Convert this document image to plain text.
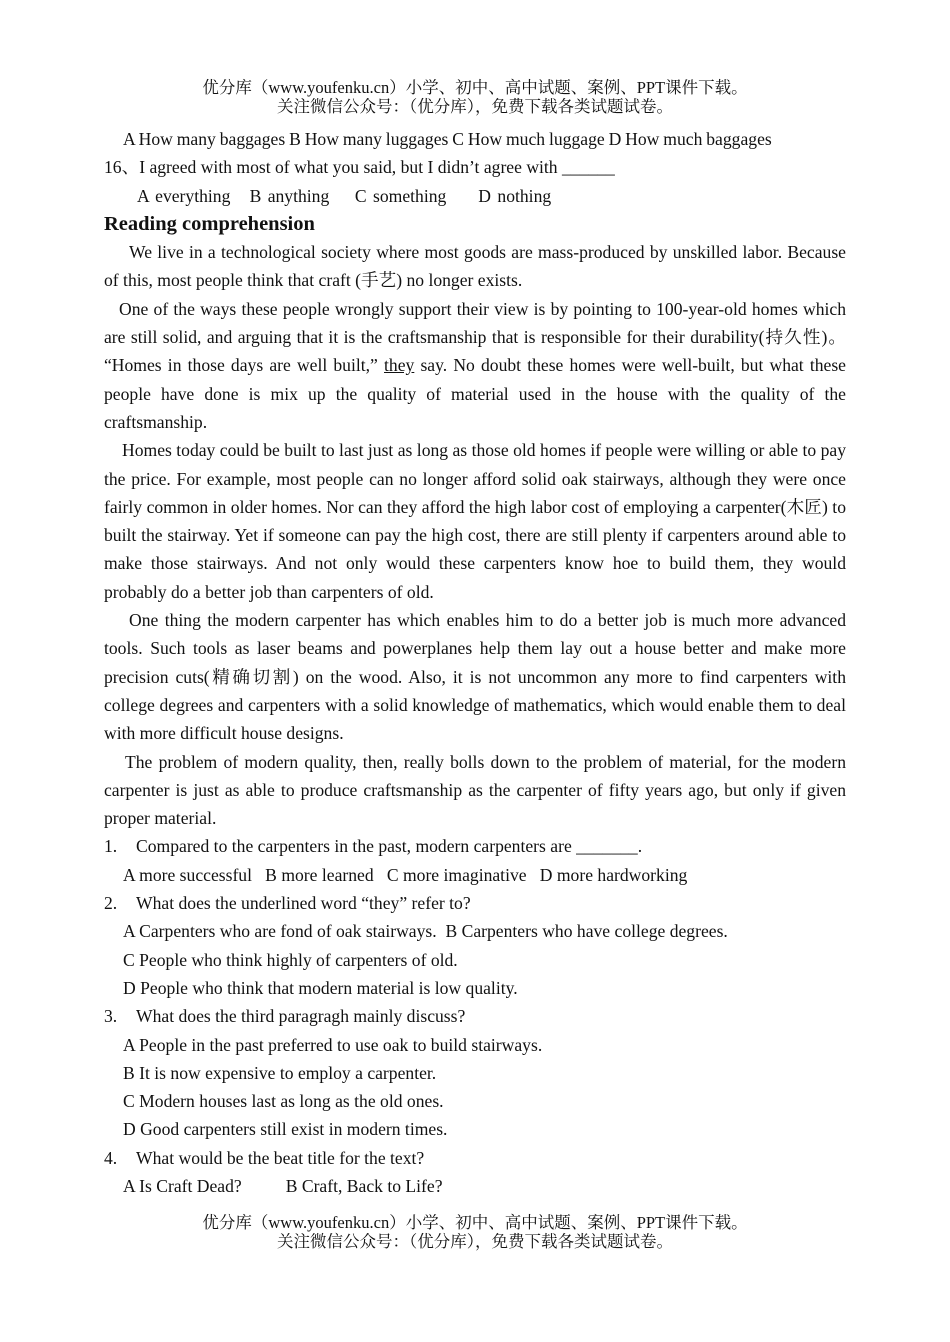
优分库（www.youfenku.cn）小学、初中、高中试题、案例、PPT课件下载。
关注微信公众号：（优分库），免费下载各类试题试卷。
A How many baggages B How many luggages C How much luggage D How much baggages
16、I agreed with most of what you said, but I didn’t agree with ______
A everything   B anything    C something     D nothing
Reading comprehension
We live in a technological society where most goods are mass-produced by unskilled labor. Because of this, most people think that craft (手艺) no longer exists.
One of the ways these people wrongly support their view is by pointing to 100-year-old homes which are still solid, and arguing that it is the craftsmanship that is responsible for their durability(持久性)。 “Homes in those days are well built,” they say. No doubt these homes were well-built, but what these people have done is mix up the quality of material used in the house with the quality of the craftsmanship.
Homes today could be built to last just as long as those old homes if people were willing or able to pay the price. For example, most people can no longer afford solid oak stairways, although they were once fairly common in older homes. Nor can they afford the high labor cost of employing a carpenter(木匠) to built the stairway. Yet if someone can pay the high cost, there are still plenty if carpenters around able to make those stairways. And not only would these carpenters know hoe to build them, they would probably do a better job than carpenters of old.
One thing the modern carpenter has which enables him to do a better job is much more advanced tools. Such tools as laser beams and powerplanes help them lay out a house better and make more precision cuts(精确切割) on the wood. Also, it is not uncommon any more to find carpenters with college degrees and carpenters with a solid knowledge of mathematics, which would enable them to deal with more difficult house designs.
The problem of modern quality, then, really bolls down to the problem of material, for the modern carpenter is just as able to produce craftsmanship as the carpenter of fifty years ago, but only if given proper material.
1.	Compared to the carpenters in the past, modern carpenters are _______.
A more successful   B more learned   C more imaginative   D more hardworking
2.	What does the underlined word “they” refer to?
A Carpenters who are fond of oak stairways.  B Carpenters who have college degrees.
C People who think highly of carpenters of old.
D People who think that modern material is low quality.
3.	What does the third paragragh mainly discuss?
A People in the past preferred to use oak to build stairways.
B It is now expensive to employ a carpenter.
C Modern houses last as long as the old ones.
D Good carpenters still exist in modern times.
4.	What would be the beat title for the text?
A Is Craft Dead?          B Craft, Back to Life?
优分库（www.youfenku.cn）小学、初中、高中试题、案例、PPT课件下载。
关注微信公众号：（优分库），免费下载各类试题试卷。
